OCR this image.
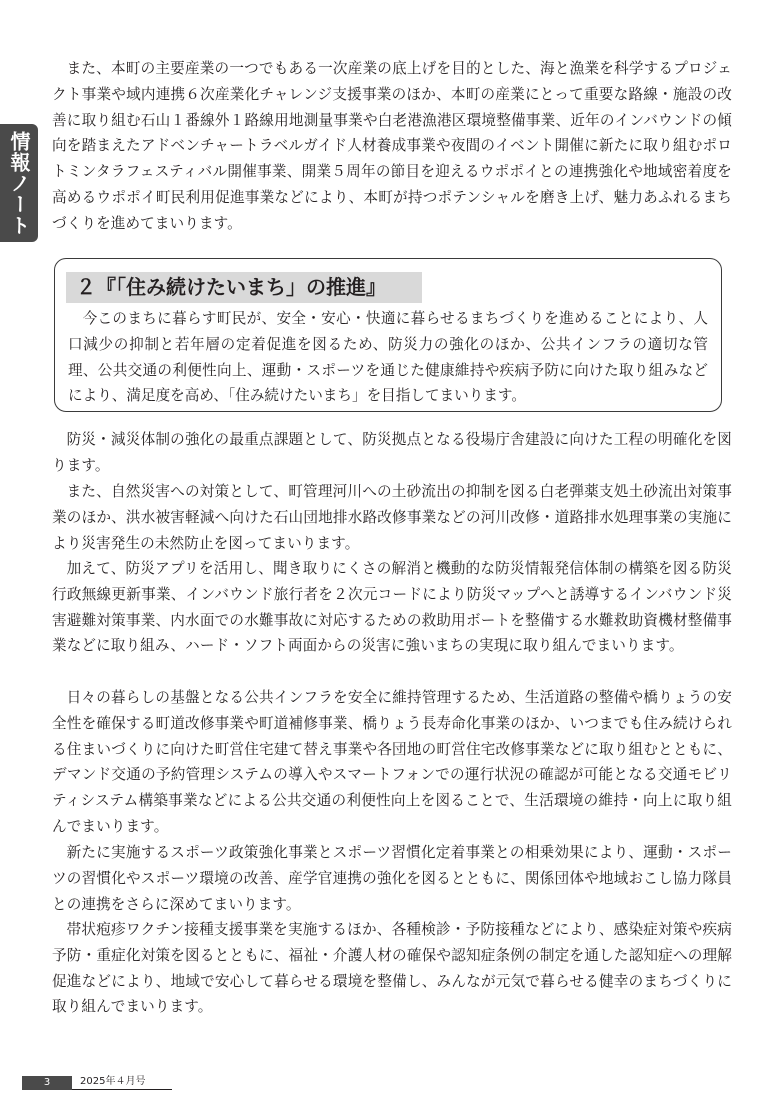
情報ノート

また、本町の主要産業の一つでもある一次産業の底上げを目的とした、海と漁業を科学するプロジェクト事業や域内連携６次産業化チャレンジ支援事業のほか、本町の産業にとって重要な路線・施設の改善に取り組む石山１番線外１路線用地測量事業や白老港漁港区環境整備事業、近年のインバウンドの傾向を踏まえたアドベンチャートラベルガイド人材養成事業や夜間のイベント開催に新たに取り組むポロトミンタラフェスティバル開催事業、開業５周年の節目を迎えるウポポイとの連携強化や地域密着度を高めるウポポイ町民利用促進事業などにより、本町が持つポテンシャルを磨き上げ、魅力あふれるまちづくりを進めてまいります。

２『「住み続けたいまち」の推進』

今このまちに暮らす町民が、安全・安心・快適に暮らせるまちづくりを進めることにより、人口減少の抑制と若年層の定着促進を図るため、防災力の強化のほか、公共インフラの適切な管理、公共交通の利便性向上、運動・スポーツを通じた健康維持や疾病予防に向けた取り組みなどにより、満足度を高め、「住み続けたいまち」を目指してまいります。

防災・減災体制の強化の最重点課題として、防災拠点となる役場庁舎建設に向けた工程の明確化を図ります。

また、自然災害への対策として、町管理河川への土砂流出の抑制を図る白老弾薬支処土砂流出対策事業のほか、洪水被害軽減へ向けた石山団地排水路改修事業などの河川改修・道路排水処理事業の実施により災害発生の未然防止を図ってまいります。

加えて、防災アプリを活用し、聞き取りにくさの解消と機動的な防災情報発信体制の構築を図る防災行政無線更新事業、インバウンド旅行者を２次元コードにより防災マップへと誘導するインバウンド災害避難対策事業、内水面での水難事故に対応するための救助用ボートを整備する水難救助資機材整備事業などに取り組み、ハード・ソフト両面からの災害に強いまちの実現に取り組んでまいります。

日々の暮らしの基盤となる公共インフラを安全に維持管理するため、生活道路の整備や橋りょうの安全性を確保する町道改修事業や町道補修事業、橋りょう長寿命化事業のほか、いつまでも住み続けられる住まいづくりに向けた町営住宅建て替え事業や各団地の町営住宅改修事業などに取り組むとともに、デマンド交通の予約管理システムの導入やスマートフォンでの運行状況の確認が可能となる交通モビリティシステム構築事業などによる公共交通の利便性向上を図ることで、生活環境の維持・向上に取り組んでまいります。

新たに実施するスポーツ政策強化事業とスポーツ習慣化定着事業との相乗効果により、運動・スポーツの習慣化やスポーツ環境の改善、産学官連携の強化を図るとともに、関係団体や地域おこし協力隊員との連携をさらに深めてまいります。

帯状疱疹ワクチン接種支援事業を実施するほか、各種検診・予防接種などにより、感染症対策や疾病予防・重症化対策を図るとともに、福祉・介護人材の確保や認知症条例の制定を通した認知症への理解促進などにより、地域で安心して暮らせる環境を整備し、みんなが元気で暮らせる健幸のまちづくりに取り組んでまいります。

3	2025年４月号
